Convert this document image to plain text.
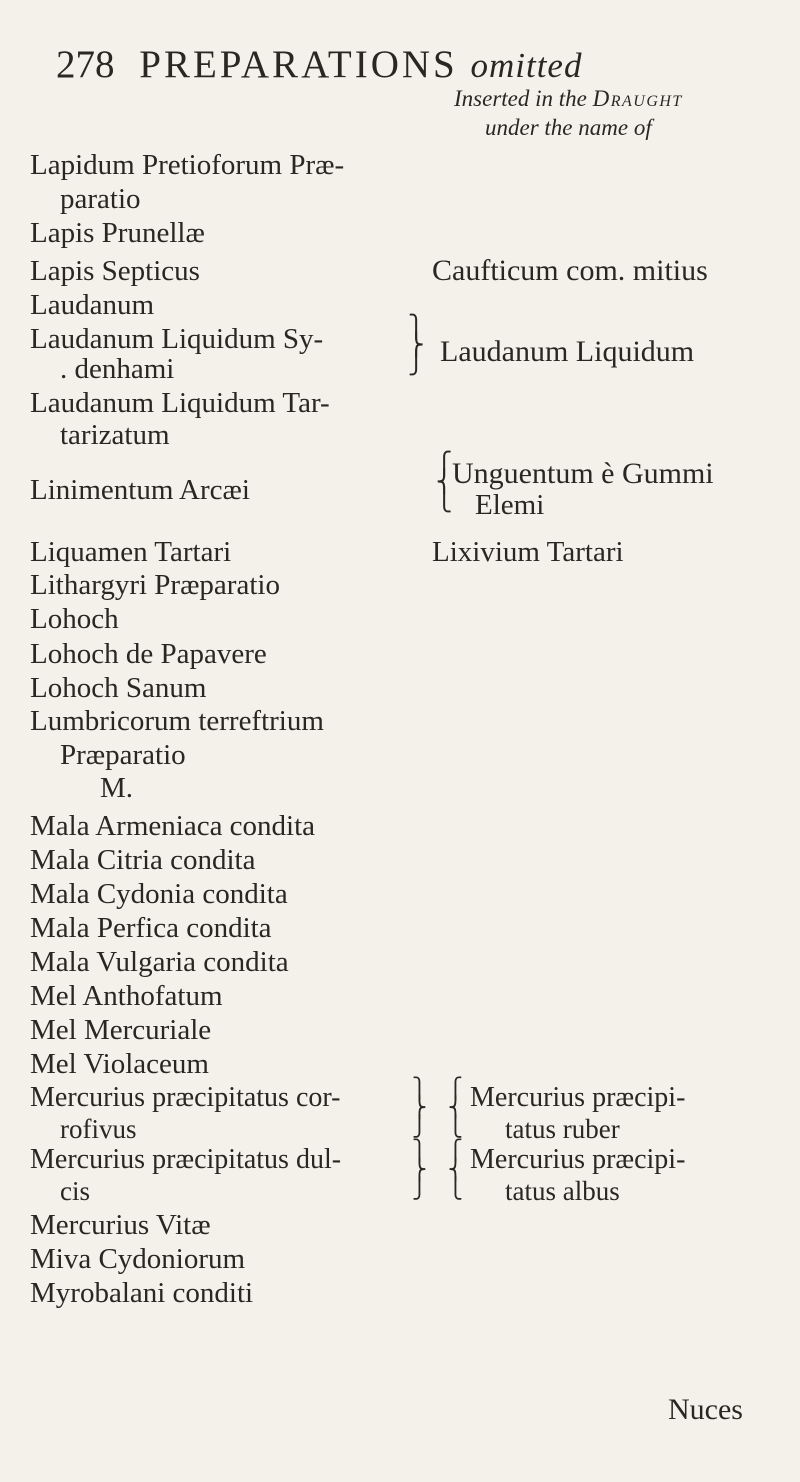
278 PREPARATIONS omitted
Inserted in the Draught
under the name of
Lapidum Pretioforum Præ-
paratio
Lapis Prunellæ
Lapis Septicus
Laudanum
Laudanum Liquidum Sy-
. denhami
Laudanum Liquidum Tar-
tarizatum
Linimentum Arcæi
Liquamen Tartari
Lithargyri Præparatio
Lohoch
Lohoch de Papavere
Lohoch Sanum
Lumbricorum terreftrium
Præparatio
M.
Mala Armeniaca condita
Mala Citria condita
Mala Cydonia condita
Mala Perfica condita
Mala Vulgaria condita
Mel Anthofatum
Mel Mercuriale
Mel Violaceum
Mercurius præcipitatus cor-
rofivus
Mercurius præcipitatus dul-
cis
Mercurius Vitæ
Miva Cydoniorum
Myrobalani conditi
Caufticum com. mitius
⎫
⎬
⎭ Laudanum Liquidum
⎧
⎨
⎩
Unguentum è Gummi
Elemi
Lixivium Tartari
⎫
⎬
⎭
⎧
⎨
⎩
Mercurius præcipi-
tatus ruber
⎫
⎬
⎭
⎧
⎨
⎩
Mercurius præcipi-
tatus albus
Nuces
